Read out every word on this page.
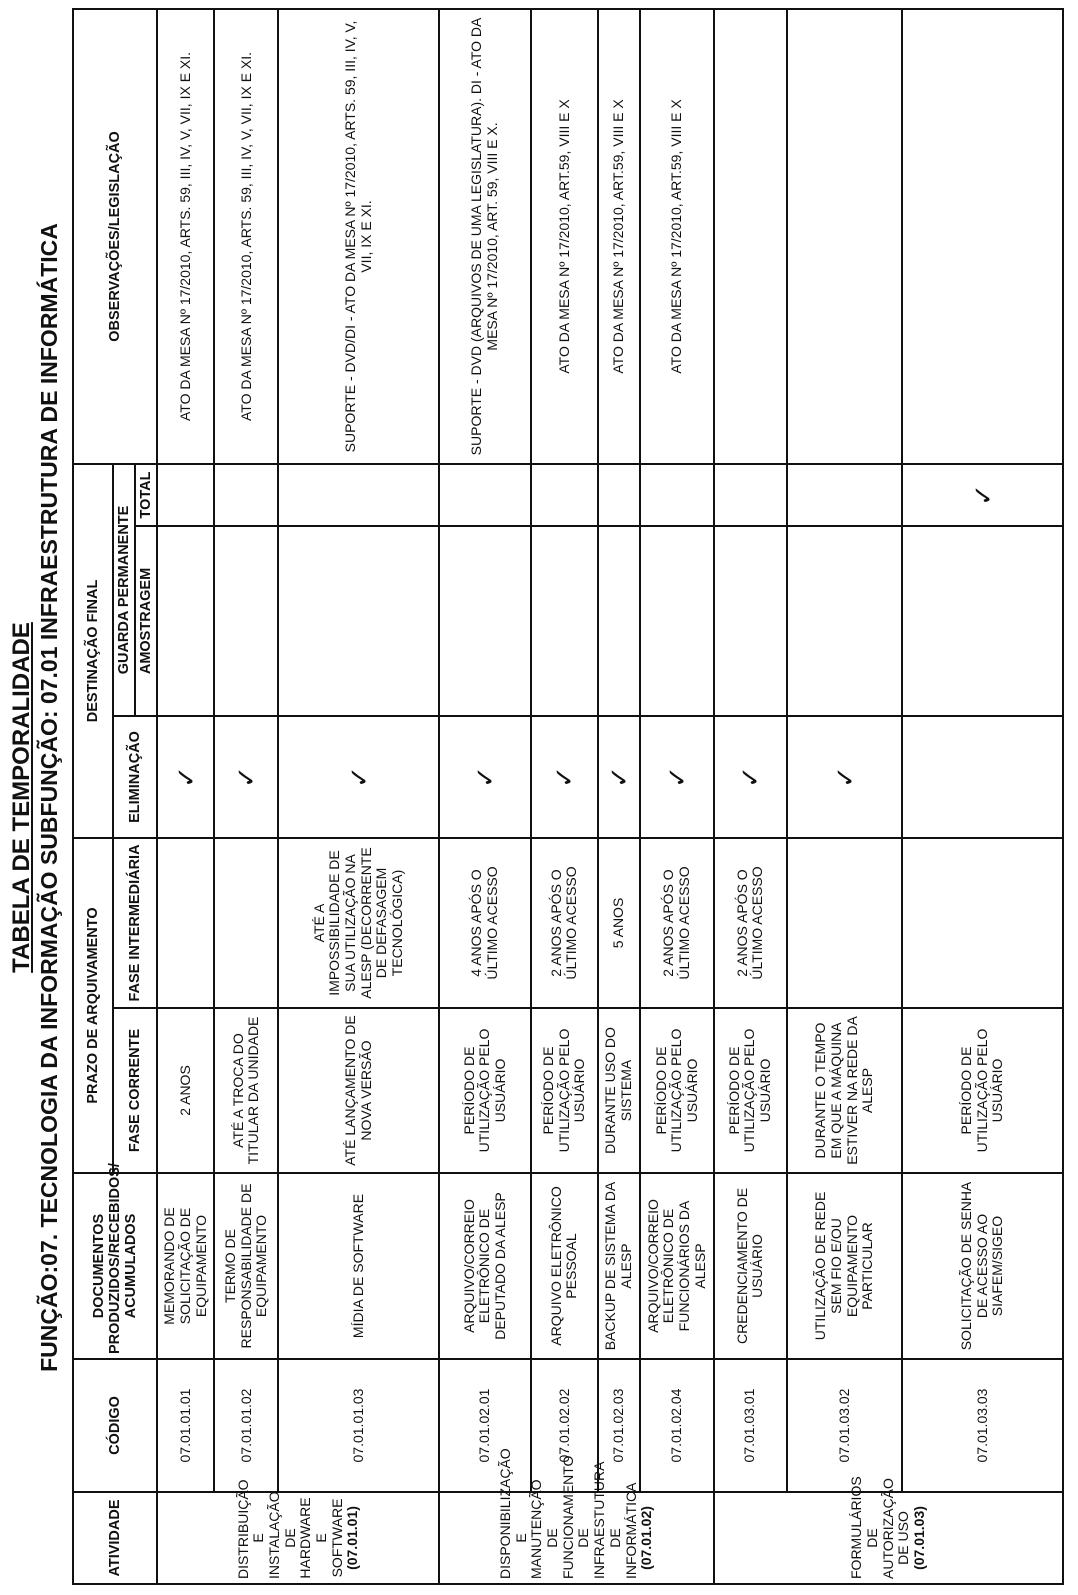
TABELA DE TEMPORALIDADE FUNÇÃO:07. TECNOLOGIA DA INFORMAÇÃO SUBFUNÇÃO: 07.01 INFRAESTRUTURA DE INFORMÁTICA
ATIVIDADE	CÓDIGO	DOCUMENTOS PRODUZIDOS/RECEBIDOS/ ACUMULADOS	PRAZO DE ARQUIVAMENTO		DESTINAÇÃO FINAL			OBSERVAÇÕES/LEGISLAÇÃO
			FASE CORRENTE	FASE INTERMEDIÁRIA	ELIMINAÇÃO	GUARDA PERMANENTE		
						AMOSTRAGEM	TOTAL	

DISTRIBUIÇÃO E INSTALAÇÃO DE HARDWARE E SOFTWARE (07.01.01)	07.01.01.01	MEMORANDO DE SOLICITAÇÃO DE EQUIPAMENTO	2 ANOS		✓			ATO DA MESA Nº 17/2010, ARTS. 59, III, IV, V, VII, IX E XI.
	07.01.01.02	TERMO DE RESPONSABILIDADE DE EQUIPAMENTO	ATÉ A TROCA DO TITULAR DA UNIDADE		✓			ATO DA MESA Nº 17/2010, ARTS. 59, III, IV, V, VII, IX E XI.
	07.01.01.03	MÍDIA DE SOFTWARE	ATÉ LANÇAMENTO DE NOVA VERSÃO	ATÉ A IMPOSSIBILIDADE DE SUA UTILIZAÇÃO NA ALESP (DECORRENTE DE DEFASAGEM TECNOLÓGICA)	✓			SUPORTE - DVD/DI - ATO DA MESA Nº 17/2010, ARTS. 59, III, IV, V, VII, IX E XI.

DISPONIBILIZAÇÃO E MANUTENÇÃO DE FUNCIONAMENTO DE INFRAESTUTURA DE INFORMÁTICA (07.01.02)	07.01.02.01	ARQUIVO/CORREIO ELETRÔNICO DE DEPUTADO DA ALESP	PERÍODO DE UTILIZAÇÃO PELO USUÁRIO	4 ANOS APÓS O ÚLTIMO ACESSO	✓			SUPORTE - DVD (ARQUIVOS DE UMA LEGISLATURA). DI - ATO DA MESA Nº 17/2010, ART. 59, VIII E X.
	07.01.02.02	ARQUIVO ELETRÔNICO PESSOAL	PERÍODO DE UTILIZAÇÃO PELO USUÁRIO	2 ANOS APÓS O ÚLTIMO ACESSO	✓			ATO DA MESA Nº 17/2010, ART.59, VIII E X
	07.01.02.03	BACKUP DE SISTEMA DA ALESP	DURANTE USO DO SISTEMA	5 ANOS	✓			ATO DA MESA Nº 17/2010, ART.59, VIII E X
	07.01.02.04	ARQUIVO/CORREIO ELETRÔNICO DE FUNCIONÁRIOS DA ALESP	PERÍODO DE UTILIZAÇÃO PELO USUÁRIO	2 ANOS APÓS O ÚLTIMO ACESSO	✓			ATO DA MESA Nº 17/2010, ART.59, VIII E X

FORMULÁRIOS DE AUTORIZAÇÃO DE USO (07.01.03)	07.01.03.01	CREDENCIAMENTO DE USUÁRIO	PERÍODO DE UTILIZAÇÃO PELO USUÁRIO	2 ANOS APÓS O ÚLTIMO ACESSO	✓			
	07.01.03.02	UTILIZAÇÃO DE REDE SEM FIO E/OU EQUIPAMENTO PARTICULAR	DURANTE O TEMPO EM QUE A MÁQUINA ESTIVER NA REDE DA ALESP		✓			
	07.01.03.03	SOLICITAÇÃO DE SENHA DE ACESSO AO SIAFEM/SIGEO	PERÍODO DE UTILIZAÇÃO PELO USUÁRIO				✓	
